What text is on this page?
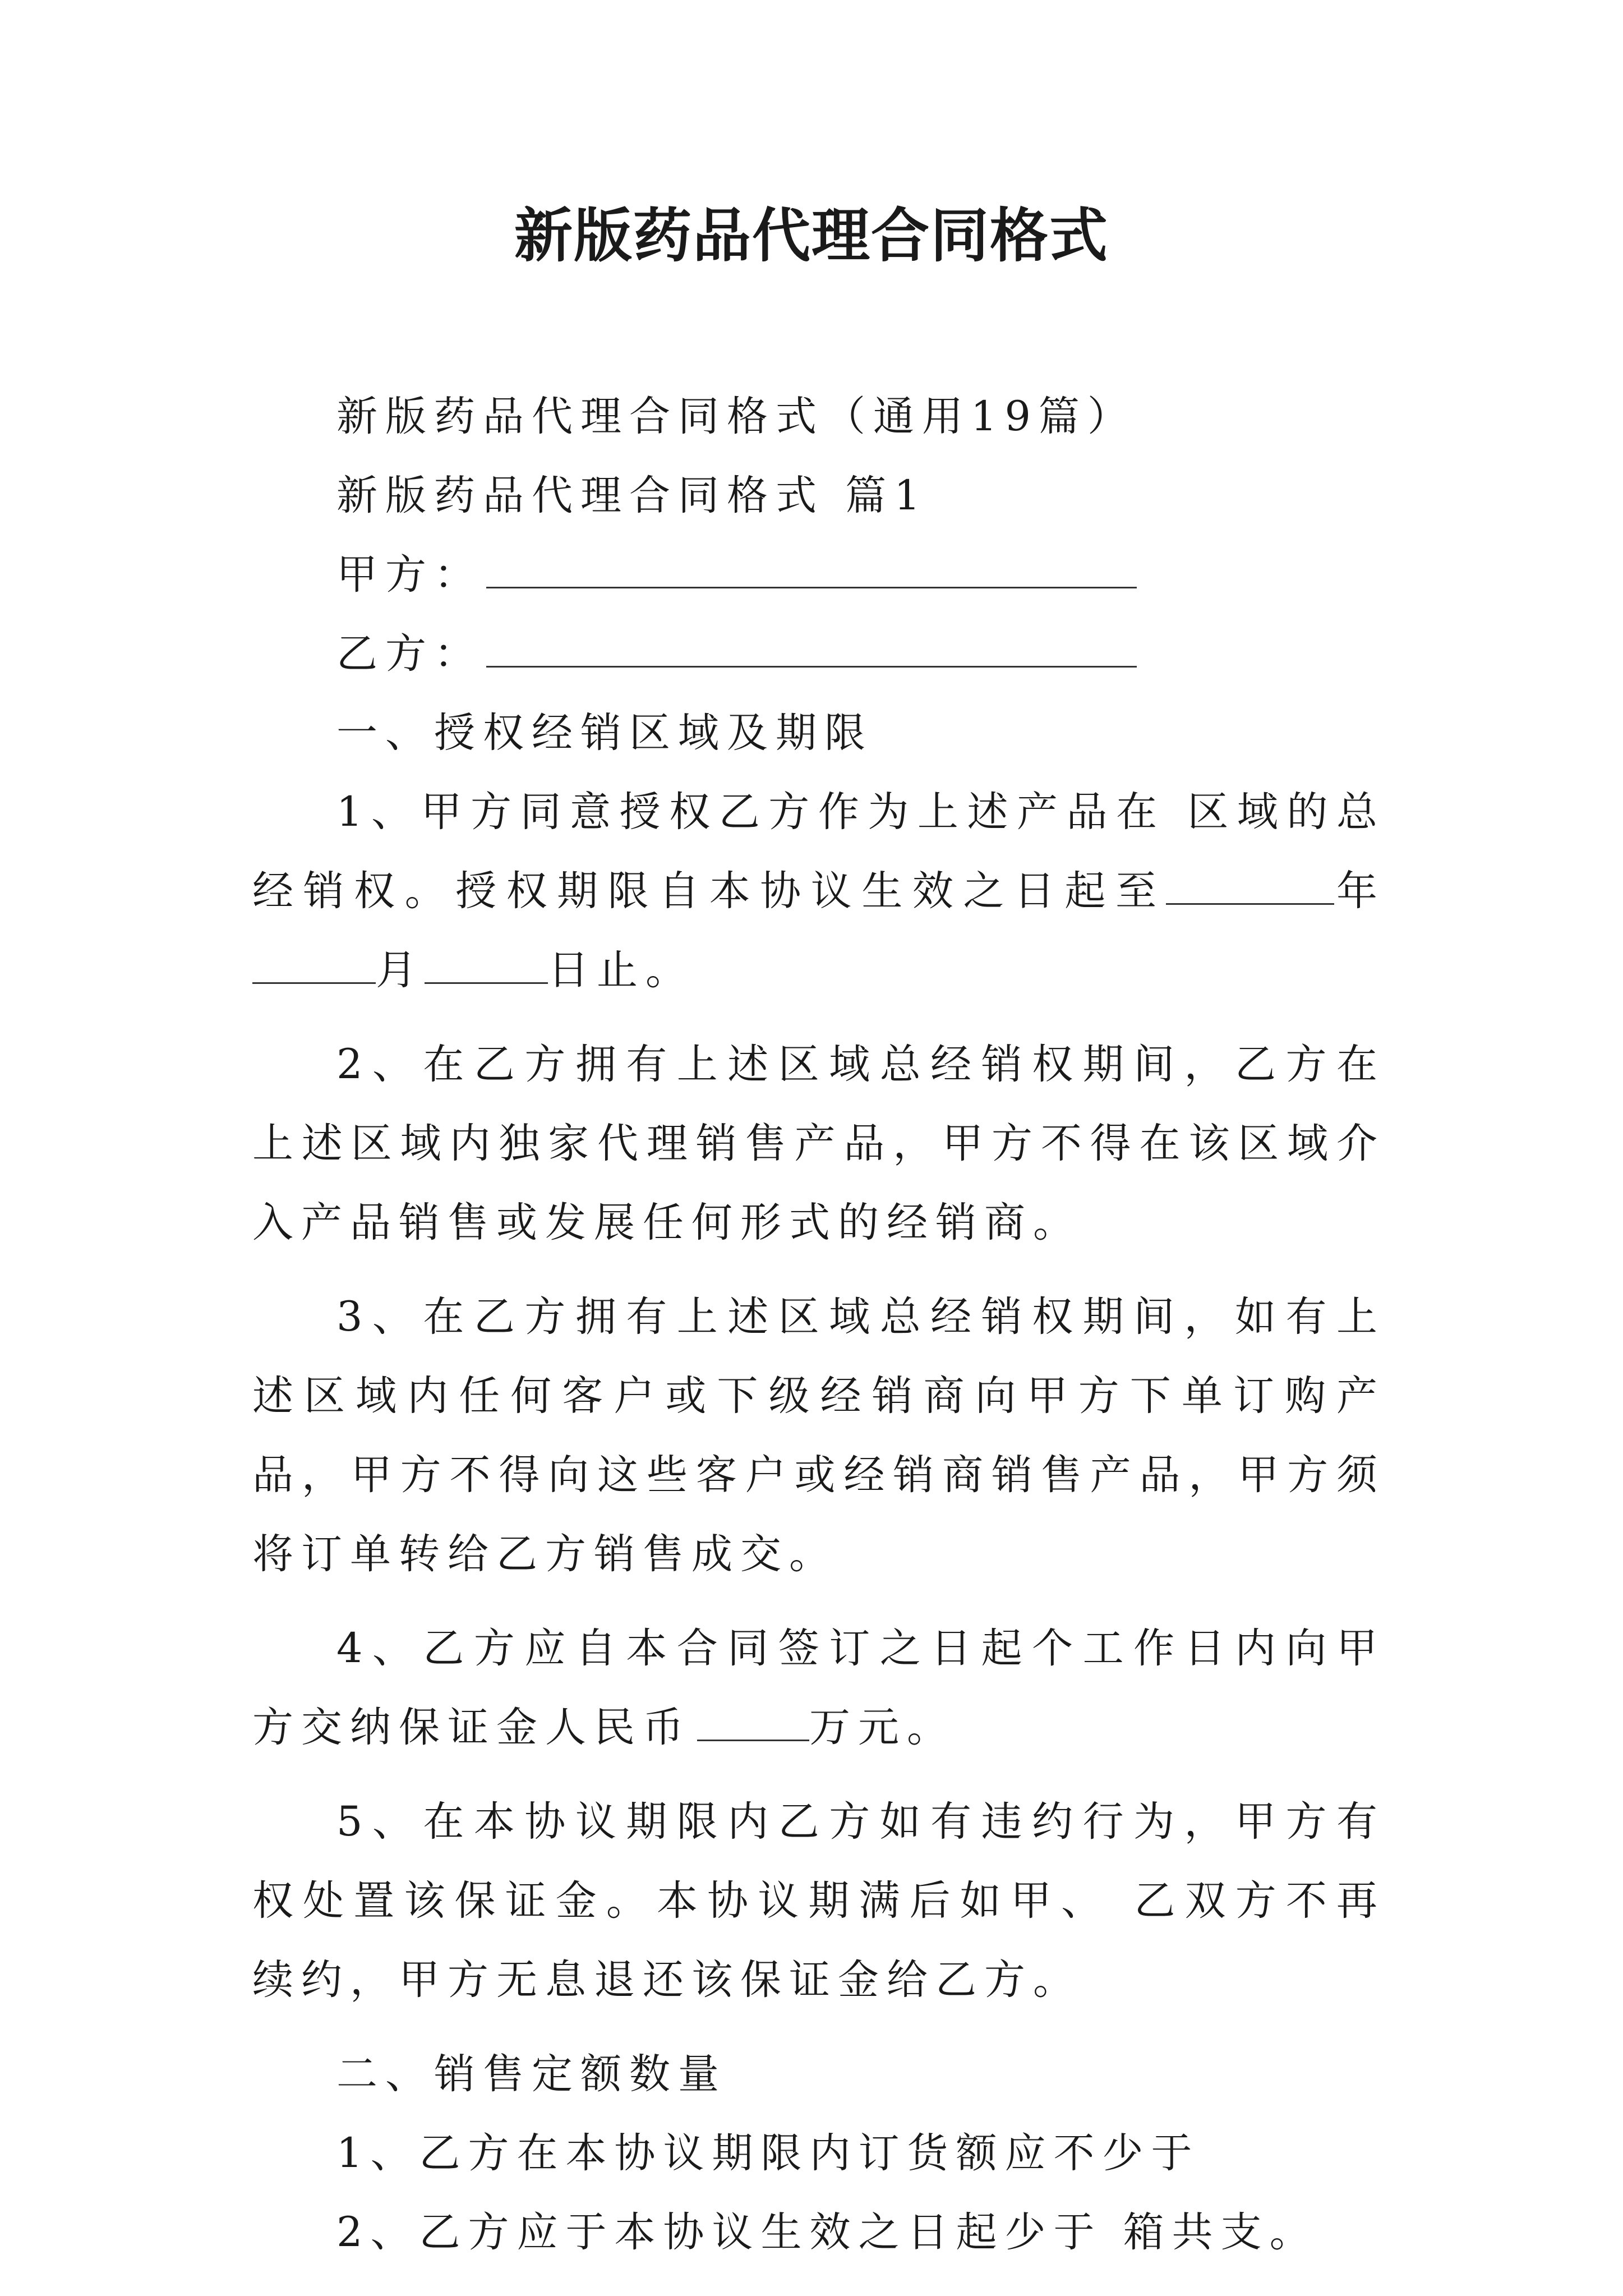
新版药品代理合同格式

新版药品代理合同格式（通用19篇）

新版药品代理合同格式 篇1

甲方：

乙方：

一、授权经销区域及期限

1、甲方同意授权乙方作为上述产品在 区域的总经销权。授权期限自本协议生效之日起至	年月	日止。

2、在乙方拥有上述区域总经销权期间，乙方在上述区域内独家代理销售产品，甲方不得在该区域介入产品销售或发展任何形式的经销商。

3、在乙方拥有上述区域总经销权期间，如有上述区域内任何客户或下级经销商向甲方下单订购产品，甲方不得向这些客户或经销商销售产品，甲方须将订单转给乙方销售成交。

4、乙方应自本合同签订之日起个工作日内向甲方交纳保证金人民币	万元。

5、在本协议期限内乙方如有违约行为，甲方有权处置该保证金。本协议期满后如甲、 乙双方不再续约，甲方无息退还该保证金给乙方。

二、销售定额数量

1、乙方在本协议期限内订货额应不少于

2、乙方应于本协议生效之日起少于 箱共支。
